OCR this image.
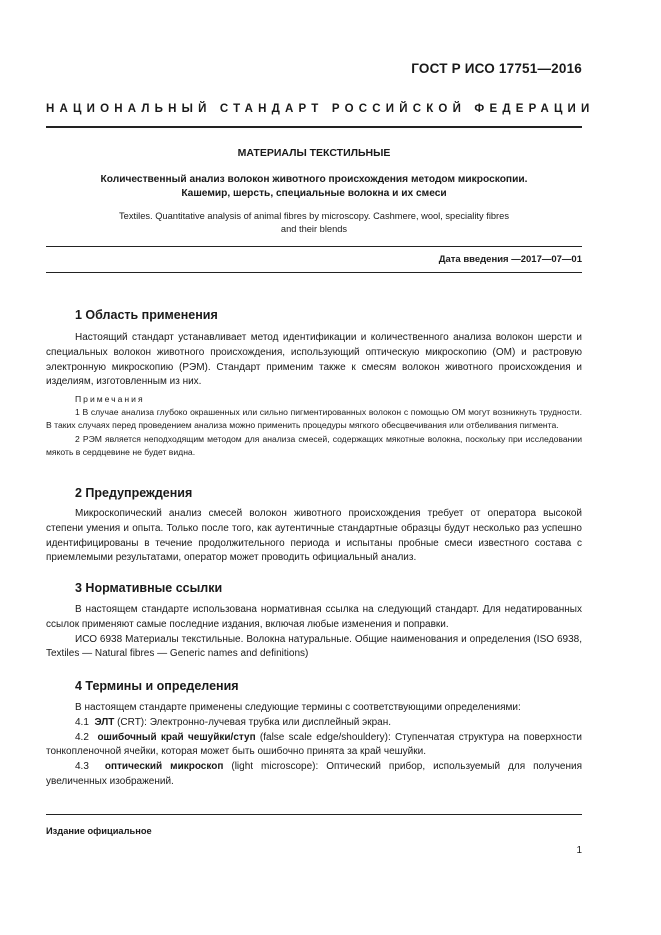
ГОСТ Р ИСО 17751—2016
НАЦИОНАЛЬНЫЙ СТАНДАРТ РОССИЙСКОЙ ФЕДЕРАЦИИ
МАТЕРИАЛЫ ТЕКСТИЛЬНЫЕ
Количественный анализ волокон животного происхождения методом микроскопии.
Кашемир, шерсть, специальные волокна и их смеси
Textiles. Quantitative analysis of animal fibres by microscopy. Cashmere, wool, speciality fibres
and their blends
Дата введения —2017—07—01
1 Область применения

Настоящий стандарт устанавливает метод идентификации и количественного анализа волокон шерсти и специальных волокон животного происхождения, использующий оптическую микроскопию (ОМ) и растровую электронную микроскопию (РЭМ). Стандарт применим также к смесям волокон животного происхождения и изделиям, изготовленным из них.

Примечания

1 В случае анализа глубоко окрашенных или сильно пигментированных волокон с помощью ОМ могут возникнуть трудности. В таких случаях перед проведением анализа можно применить процедуры мягкого обесцвечивания или отбеливания пигмента.

2 РЭМ является неподходящим методом для анализа смесей, содержащих мякотные волокна, поскольку при исследовании мякоть в сердцевине не будет видна.

2 Предупреждения

Микроскопический анализ смесей волокон животного происхождения требует от оператора высокой степени умения и опыта. Только после того, как аутентичные стандартные образцы будут несколько раз успешно идентифицированы в течение продолжительного периода и испытаны пробные смеси известного состава с приемлемыми результатами, оператор может проводить официальный анализ.

3 Нормативные ссылки

В настоящем стандарте использована нормативная ссылка на следующий стандарт. Для недатированных ссылок применяют самые последние издания, включая любые изменения и поправки.

ИСО 6938 Материалы текстильные. Волокна натуральные. Общие наименования и определения (ISO 6938, Textiles — Natural fibres — Generic names and definitions)

4 Термины и определения

В настоящем стандарте применены следующие термины с соответствующими определениями:

4.1 ЭЛТ (CRT): Электронно-лучевая трубка или дисплейный экран.

4.2 ошибочный край чешуйки/ступ (false scale edge/shouldery): Ступенчатая структура на поверхности тонкопленочной ячейки, которая может быть ошибочно принята за край чешуйки.

4.3 оптический микроскоп (light microscope): Оптический прибор, используемый для получения увеличенных изображений.

Издание официальное
1
